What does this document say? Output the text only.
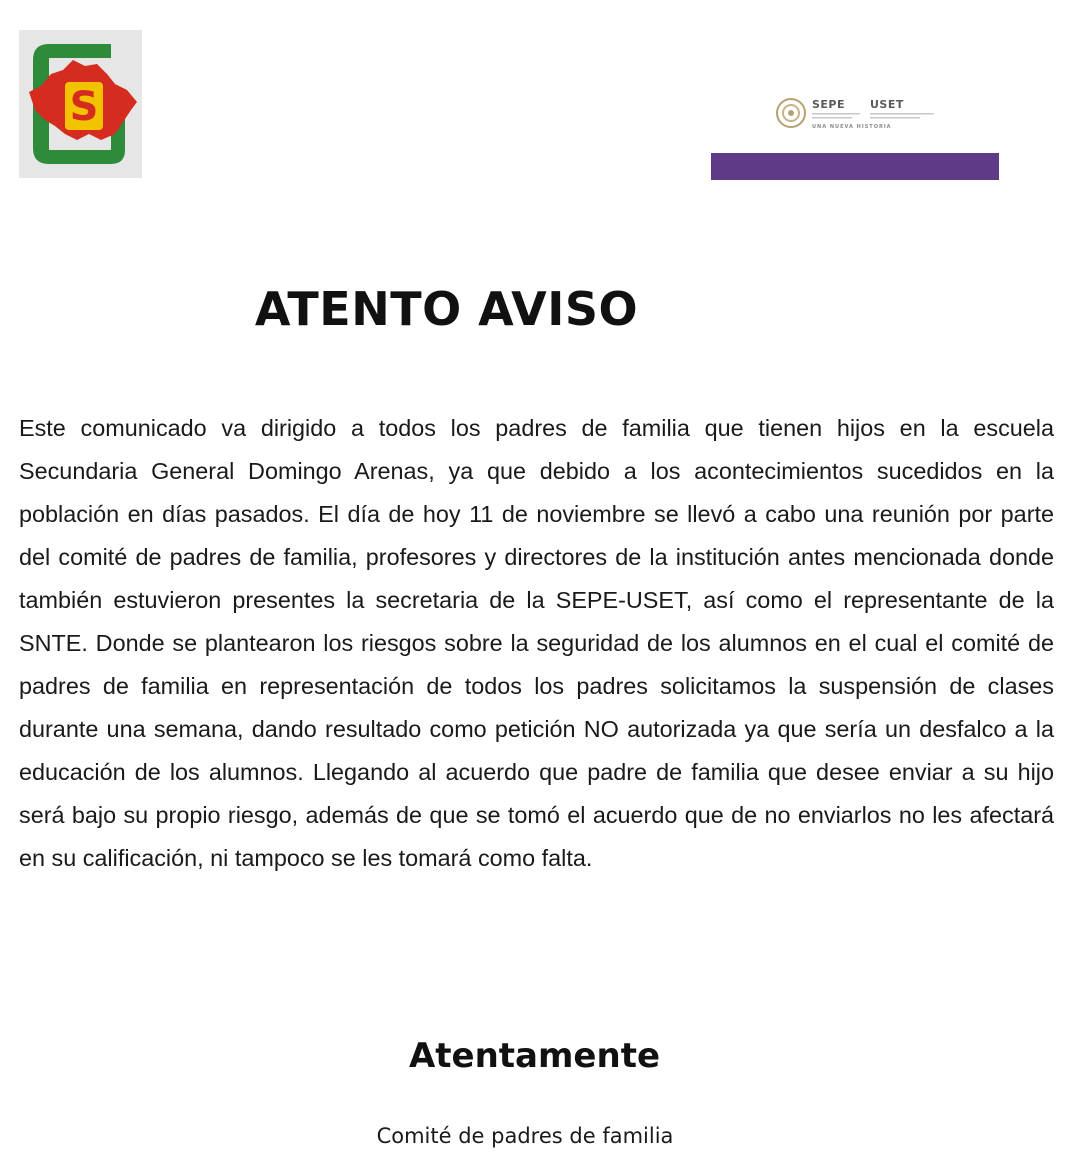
S	SEPE USET
UNA NUEVA HISTORIA
ATENTO AVISO

Este comunicado va dirigido a todos los padres de familia que tienen hijos en la escuela Secundaria General Domingo Arenas, ya que debido a los acontecimientos sucedidos en la población en días pasados. El día de hoy 11 de noviembre se llevó a cabo una reunión por parte del comité de padres de familia, profesores y directores de la institución antes mencionada donde también estuvieron presentes la secretaria de la SEPE-USET, así como el representante de la SNTE. Donde se plantearon los riesgos sobre la seguridad de los alumnos en el cual el comité de padres de familia en representación de todos los padres solicitamos la suspensión de clases durante una semana, dando resultado como petición NO autorizada ya que sería un desfalco a la educación de los alumnos. Llegando al acuerdo que padre de familia que desee enviar a su hijo será bajo su propio riesgo, además de que se tomó el acuerdo que de no enviarlos no les afectará en su calificación, ni tampoco se les tomará como falta.

Atentamente

Comité de padres de familia
